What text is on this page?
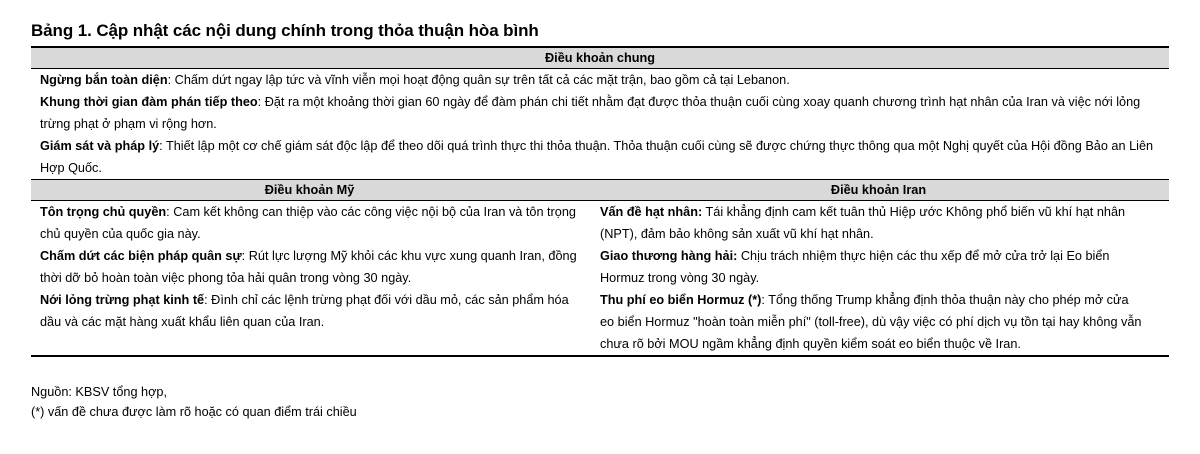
Bảng 1. Cập nhật các nội dung chính trong thỏa thuận hòa bình
Điều khoản chung

Ngừng bắn toàn diện: Chấm dứt ngay lập tức và vĩnh viễn mọi hoạt động quân sự trên tất cả các mặt trận, bao gồm cả tại Lebanon.

Khung thời gian đàm phán tiếp theo: Đặt ra một khoảng thời gian 60 ngày để đàm phán chi tiết nhằm đạt được thỏa thuận cuối cùng xoay quanh chương trình hạt nhân của Iran và việc nới lỏng trừng phạt ở phạm vi rộng hơn.

Giám sát và pháp lý: Thiết lập một cơ chế giám sát độc lập để theo dõi quá trình thực thi thỏa thuận. Thỏa thuận cuối cùng sẽ được chứng thực thông qua một Nghị quyết của Hội đồng Bảo an Liên Hợp Quốc.

Điều khoản Mỹ	Điều khoản Iran

Tôn trọng chủ quyền: Cam kết không can thiệp vào các công việc nội bộ của Iran và tôn trọng chủ quyền của quốc gia này.

Chấm dứt các biện pháp quân sự: Rút lực lượng Mỹ khỏi các khu vực xung quanh Iran, đồng thời dỡ bỏ hoàn toàn việc phong tỏa hải quân trong vòng 30 ngày.

Nới lỏng trừng phạt kinh tế: Đình chỉ các lệnh trừng phạt đối với dầu mỏ, các sản phẩm hóa dầu và các mặt hàng xuất khẩu liên quan của Iran.

Vấn đề hạt nhân: Tái khẳng định cam kết tuân thủ Hiệp ước Không phổ biến vũ khí hạt nhân (NPT), đảm bảo không sản xuất vũ khí hạt nhân.

Giao thương hàng hải: Chịu trách nhiệm thực hiện các thu xếp để mở cửa trở lại Eo biển Hormuz trong vòng 30 ngày.

Thu phí eo biển Hormuz (*): Tổng thống Trump khẳng định thỏa thuận này cho phép mở cửa eo biển Hormuz "hoàn toàn miễn phí" (toll-free), dù vậy việc có phí dịch vụ tồn tại hay không vẫn chưa rõ bởi MOU ngầm khẳng định quyền kiểm soát eo biển thuộc về Iran.

Nguồn: KBSV tổng hợp,
(*) vấn đề chưa được làm rõ hoặc có quan điểm trái chiều
